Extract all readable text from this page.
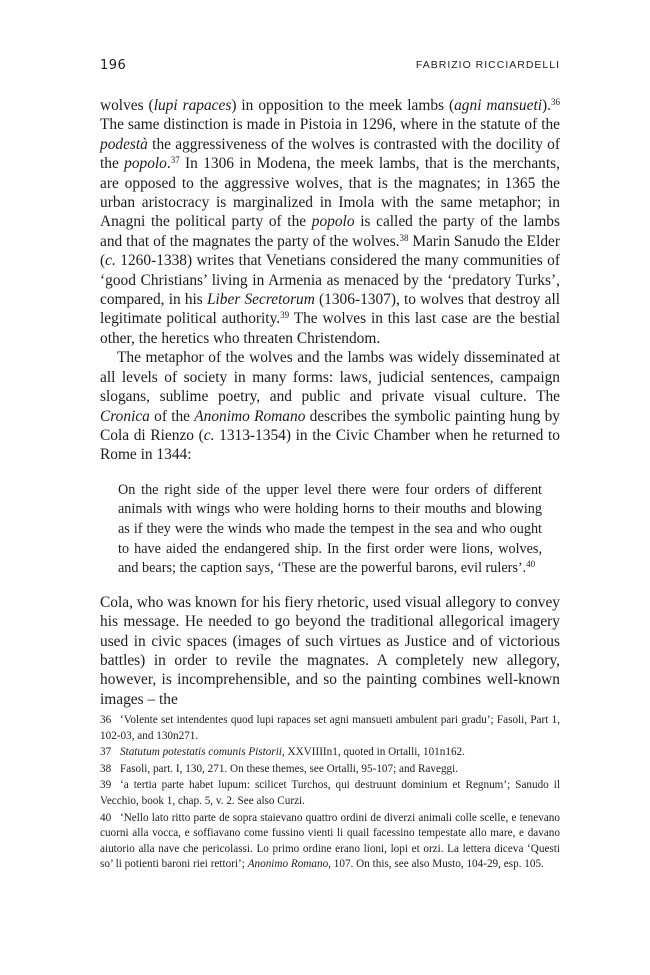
196	FABRIZIO RICCIARDELLI

wolves (lupi rapaces) in opposition to the meek lambs (agni mansueti).$^{36}$ The same distinction is made in Pistoia in 1296, where in the statute of the podestà the aggressiveness of the wolves is contrasted with the docility of the popolo.$^{37}$ In 1306 in Modena, the meek lambs, that is the merchants, are opposed to the aggressive wolves, that is the magnates; in 1365 the urban aristocracy is marginalized in Imola with the same metaphor; in Anagni the political party of the popolo is called the party of the lambs and that of the magnates the party of the wolves.$^{38}$ Marin Sanudo the Elder (c. 1260-1338) writes that Venetians considered the many communities of ‘good Christians’ living in Armenia as menaced by the ‘predatory Turks’, compared, in his Liber Secretorum (1306-1307), to wolves that destroy all legitimate political authority.$^{39}$ The wolves in this last case are the bestial other, the heretics who threaten Christendom.

The metaphor of the wolves and the lambs was widely disseminated at all levels of society in many forms: laws, judicial sentences, campaign slogans, sublime poetry, and public and private visual culture. The Cronica of the Anonimo Romano describes the symbolic painting hung by Cola di Rienzo (c. 1313-1354) in the Civic Chamber when he returned to Rome in 1344:

On the right side of the upper level there were four orders of different animals with wings who were holding horns to their mouths and blowing as if they were the winds who made the tempest in the sea and who ought to have aided the endangered ship. In the first order were lions, wolves, and bears; the caption says, ‘These are the powerful barons, evil rulers’.$^{40}$

Cola, who was known for his fiery rhetoric, used visual allegory to convey his message. He needed to go beyond the traditional allegorical imagery used in civic spaces (images of such virtues as Justice and of victorious battles) in order to revile the magnates. A completely new allegory, however, is incomprehensible, and so the painting combines well-known images – the

36 ‘Volente set intendentes quod lupi rapaces set agni mansueti ambulent pari gradu’; Fasoli, Part 1, 102-03, and 130n271.

37 Statutum potestatis comunis Pistorii, XXVIIIIn1, quoted in Ortalli, 101n162.

38 Fasoli, part. I, 130, 271. On these themes, see Ortalli, 95-107; and Raveggi.

39 ‘a tertia parte habet lupum: scilicet Turchos, qui destruunt dominium et Regnum’; Sanudo il Vecchio, book 1, chap. 5, v. 2. See also Curzi.

40 ‘Nello lato ritto parte de sopra staievano quattro ordini de diverzi animali colle scelle, e tenevano cuorni alla vocca, e soffiavano come fussino vienti li quail facessino tempestate allo mare, e davano aiutorio alla nave che pericolassi. Lo primo ordine erano lioni, lopi et orzi. La lettera diceva ‘Questi so’ li potienti baroni riei rettori’; Anonimo Romano, 107. On this, see also Musto, 104-29, esp. 105.
